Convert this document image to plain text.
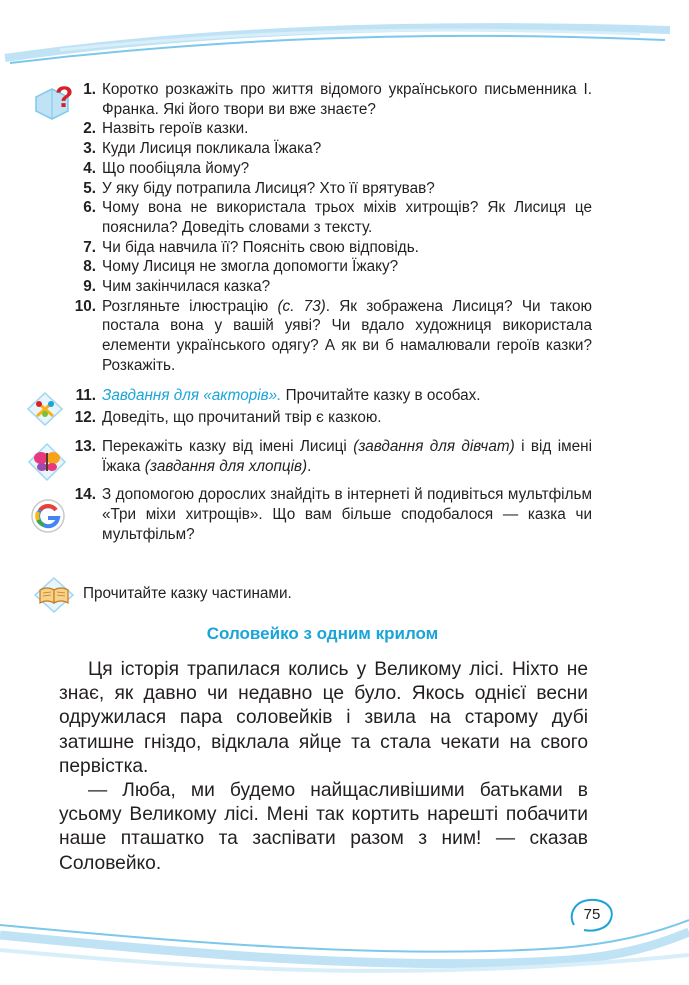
? 1. Коротко розкажіть про життя відомого українського письменника І. Франка. Які його твори ви вже знаєте?
2. Назвіть героїв казки.
3. Куди Лисиця покликала Їжака?
4. Що пообіцяла йому?
5. У яку біду потрапила Лисиця? Хто її врятував?
6. Чому вона не використала трьох міхів хитрощів? Як Лисиця це пояснила? Доведіть словами з тексту.
7. Чи біда навчила її? Поясніть свою відповідь.
8. Чому Лисиця не змогла допомогти Їжаку?
9. Чим закінчилася казка?
10. Розгляньте ілюстрацію (с. 73). Як зображена Лисиця? Чи такою постала вона у вашій уяві? Чи вдало художниця використала елементи українського одягу? А як ви б намалювали героїв казки? Розкажіть.
11. Завдання для «акторів». Прочитайте казку в особах.
12. Доведіть, що прочитаний твір є казкою.
13. Перекажіть казку від імені Лисиці (завдання для дівчат) і від імені Їжака (завдання для хлопців).
14. З допомогою дорослих знайдіть в інтернеті й подивіться мультфільм «Три міхи хитрощів». Що вам більше сподобалося — казка чи мультфільм?
Прочитайте казку частинами.
Соловейко з одним крилом

Ця історія трапилася колись у Великому лісі. Ніхто не знає, як давно чи недавно це було. Якось однієї весни одружилася пара соловейків і звила на старому дубі затишне гніздо, відклала яйце та стала чекати на свого первістка.

— Люба, ми будемо найщасливішими батьками в усьому Великому лісі. Мені так кортить нарешті побачити наше пташатко та заспівати разом з ним! — сказав Соловейко.

75
